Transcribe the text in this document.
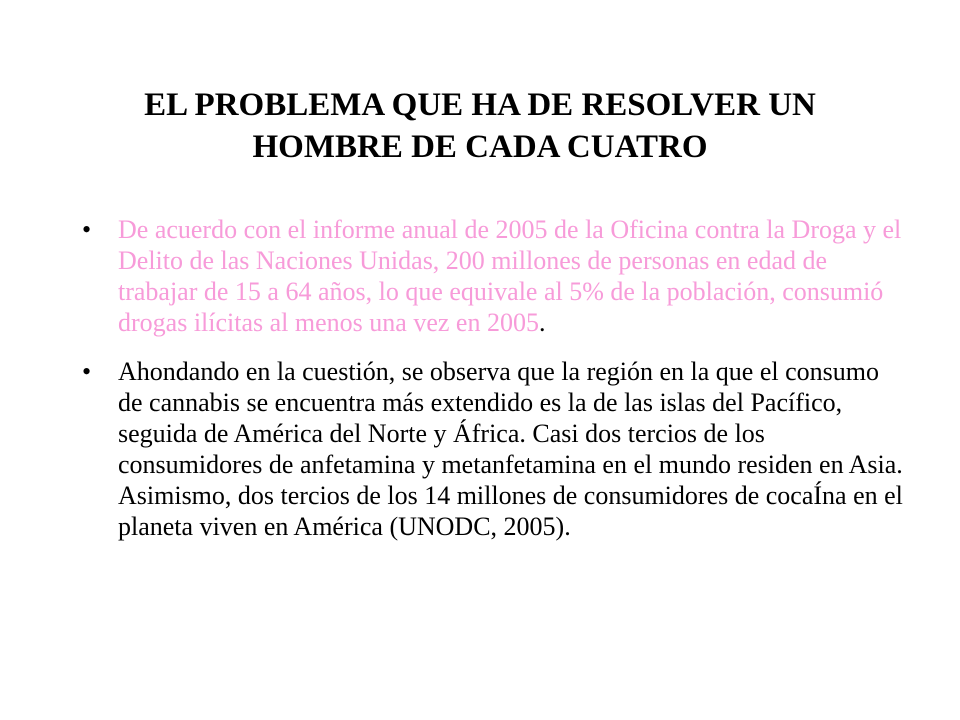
EL PROBLEMA QUE HA DE RESOLVER UN
HOMBRE DE CADA CUATRO
• De acuerdo con el informe anual de 2005 de la Oficina contra la Droga y el Delito de las Naciones Unidas, 200 millones de personas en edad de trabajar de 15 a 64 años, lo que equivale al 5% de la población, consumió drogas ilícitas al menos una vez en 2005.
• Ahondando en la cuestión, se observa que la región en la que el consumo de cannabis se encuentra más extendido es la de las islas del Pacífico, seguida de América del Norte y África. Casi dos tercios de los consumidores de anfetamina y metanfetamina en el mundo residen en Asia. Asimismo, dos tercios de los 14 millones de consumidores de cocaÍna en el planeta viven en América (UNODC, 2005).
